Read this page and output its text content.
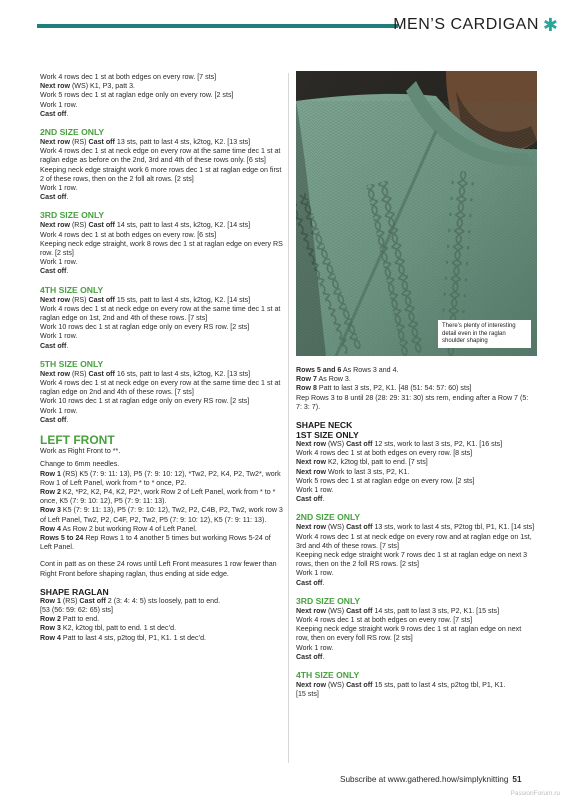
MEN’S CARDIGAN ✱

Work 4 rows dec 1 st at both edges on every row. [7 sts]

Next row (WS) K1, P3, patt 3.

Work 5 rows dec 1 st at raglan edge only on every row. [2 sts]

Work 1 row.

Cast off.

2ND SIZE ONLY

Next row (RS) Cast off 13 sts, patt to last 4 sts, k2tog, K2. [13 sts]

Work 4 rows dec 1 st at neck edge on every row at the same time dec 1 st at raglan edge as before on the 2nd, 3rd and 4th of these rows only. [6 sts]

Keeping neck edge straight work 6 more rows dec 1 st at raglan edge on first 2 of these rows, then on the 2 foll alt rows. [2 sts]

Work 1 row.

Cast off.

3RD SIZE ONLY

Next row (RS) Cast off 14 sts, patt to last 4 sts, k2tog, K2. [14 sts]

Work 4 rows dec 1 st at both edges on every row. [6 sts]

Keeping neck edge straight, work 8 rows dec 1 st at raglan edge on every RS row. [2 sts]

Work 1 row.

Cast off.

4TH SIZE ONLY

Next row (RS) Cast off 15 sts, patt to last 4 sts, k2tog, K2. [14 sts]

Work 4 rows dec 1 st at neck edge on every row at the same time dec 1 st at raglan edge on 1st, 2nd and 4th of these rows. [7 sts]

Work 10 rows dec 1 st at raglan edge only on every RS row. [2 sts]

Work 1 row.

Cast off.

5TH SIZE ONLY

Next row (RS) Cast off 16 sts, patt to last 4 sts, k2tog, K2. [13 sts]

Work 4 rows dec 1 st at neck edge on every row at the same time dec 1 st at raglan edge on 2nd and 4th of these rows. [7 sts]

Work 10 rows dec 1 st at raglan edge only on every RS row. [2 sts]

Work 1 row.

Cast off.

LEFT FRONT

Work as Right Front to **.

Change to 6mm needles.

Row 1 (RS) K5 (7: 9: 11: 13), P5 (7: 9: 10: 12), *Tw2, P2, K4, P2, Tw2*, work Row 1 of Left Panel, work from * to * once, P2.

Row 2 K2, *P2, K2, P4, K2, P2*, work Row 2 of Left Panel, work from * to * once, K5 (7: 9: 10: 12), P5 (7: 9: 11: 13).

Row 3 K5 (7: 9: 11: 13), P5 (7: 9: 10: 12), Tw2, P2, C4B, P2, Tw2, work row 3 of Left Panel, Tw2, P2, C4F, P2, Tw2, P5 (7: 9: 10: 12), K5 (7: 9: 11: 13).

Row 4 As Row 2 but working Row 4 of Left Panel.

Rows 5 to 24 Rep Rows 1 to 4 another 5 times but working Rows 5-24 of Left Panel.

Cont in patt as on these 24 rows until Left Front measures 1 row fewer than Right Front before shaping raglan, thus ending at side edge.

SHAPE RAGLAN

Row 1 (RS) Cast off 2 (3: 4: 4: 5) sts loosely, patt to end.

[53 (56: 59: 62: 65) sts]

Row 2 Patt to end.

Row 3 K2, k2tog tbl, patt to end. 1 st dec’d.

Row 4 Patt to last 4 sts, p2tog tbl, P1, K1. 1 st dec’d.

There’s plenty of interesting detail even in the raglan shoulder shaping

Rows 5 and 6 As Rows 3 and 4.

Row 7 As Row 3.

Row 8 Patt to last 3 sts, P2, K1. [48 (51: 54: 57: 60) sts]

Rep Rows 3 to 8 until 28 (28: 29: 31: 30) sts rem, ending after a Row 7 (5: 7: 3: 7).

SHAPE NECK

1ST SIZE ONLY

Next row (WS) Cast off 12 sts, work to last 3 sts, P2, K1. [16 sts]

Work 4 rows dec 1 st at both edges on every row. [8 sts]

Next row K2, k2tog tbl, patt to end. [7 sts]

Next row Work to last 3 sts, P2, K1.

Work 5 rows dec 1 st at raglan edge on every row. [2 sts]

Work 1 row.

Cast off.

2ND SIZE ONLY

Next row (WS) Cast off 13 sts, work to last 4 sts, P2tog tbl, P1, K1. [14 sts]

Work 4 rows dec 1 st at neck edge on every row and at raglan edge on 1st, 3rd and 4th of these rows. [7 sts]

Keeping neck edge straight work 7 rows dec 1 st at raglan edge on next 3 rows, then on the 2 foll RS rows. [2 sts]

Work 1 row.

Cast off.

3RD SIZE ONLY

Next row (WS) Cast off 14 sts, patt to last 3 sts, P2, K1. [15 sts]

Work 4 rows dec 1 st at both edges on every row. [7 sts]

Keeping neck edge straight work 9 rows dec 1 st at raglan edge on next row, then on every foll RS row. [2 sts]

Work 1 row.

Cast off.

4TH SIZE ONLY

Next row (WS) Cast off 15 sts, patt to last 4 sts, p2tog tbl, P1, K1.

[15 sts]

Subscribe at www.gathered.how/simplyknitting 51
PassionForum.ru
